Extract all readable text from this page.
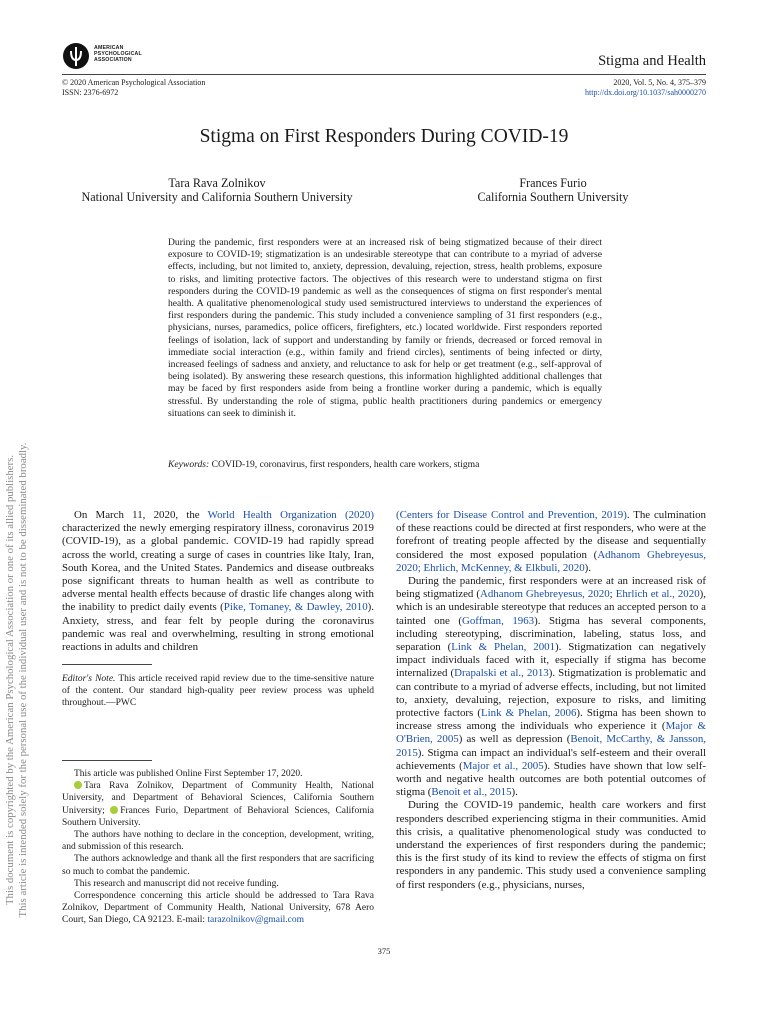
AMERICAN
PSYCHOLOGICAL
ASSOCIATION	Stigma and Health
© 2020 American Psychological Association
ISSN: 2376-6972
2020, Vol. 5, No. 4, 375–379
http://dx.doi.org/10.1037/sah0000270
Stigma on First Responders During COVID-19
Tara Rava Zolnikov
National University and California Southern University
Frances Furio
California Southern University
During the pandemic, first responders were at an increased risk of being stigmatized because of their direct exposure to COVID-19; stigmatization is an undesirable stereotype that can contribute to a myriad of adverse effects, including, but not limited to, anxiety, depression, devaluing, rejection, stress, health problems, exposure to risks, and limiting protective factors. The objectives of this research were to understand stigma on first responders during the COVID-19 pandemic as well as the consequences of stigma on first responder's mental health. A qualitative phenomenological study used semistructured interviews to understand the experiences of first responders during the pandemic. This study included a convenience sampling of 31 first responders (e.g., physicians, nurses, paramedics, police officers, firefighters, etc.) located worldwide. First responders reported feelings of isolation, lack of support and understanding by family or friends, decreased or forced removal in immediate social interaction (e.g., within family and friend circles), sentiments of being infected or dirty, increased feelings of sadness and anxiety, and reluctance to ask for help or get treatment (e.g., self-approval of being isolated). By answering these research questions, this information highlighted additional challenges that may be faced by first responders aside from being a frontline worker during a pandemic, which is equally stressful. By understanding the role of stigma, public health practitioners during pandemics or emergency situations can seek to diminish it.
Keywords: COVID-19, coronavirus, first responders, health care workers, stigma

On March 11, 2020, the World Health Organization (2020) characterized the newly emerging respiratory illness, coronavirus 2019 (COVID-19), as a global pandemic. COVID-19 had rapidly spread across the world, creating a surge of cases in countries like Italy, Iran, South Korea, and the United States. Pandemics and disease outbreaks pose significant threats to human health as well as contribute to adverse mental health effects because of drastic life changes along with the inability to predict daily events (Pike, Tomaney, & Dawley, 2010). Anxiety, stress, and fear felt by people during the coronavirus pandemic was real and overwhelming, resulting in strong emotional reactions in adults and children

Editor's Note. This article received rapid review due to the time-sensitive nature of the content. Our standard high-quality peer review process was upheld throughout.—PWC

This article was published Online First September 17, 2020.

Tara Rava Zolnikov, Department of Community Health, National University, and Department of Behavioral Sciences, California Southern University; Frances Furio, Department of Behavioral Sciences, California Southern University.

The authors have nothing to declare in the conception, development, writing, and submission of this research.

The authors acknowledge and thank all the first responders that are sacrificing so much to combat the pandemic.

This research and manuscript did not receive funding.

Correspondence concerning this article should be addressed to Tara Rava Zolnikov, Department of Community Health, National University, 678 Aero Court, San Diego, CA 92123. E-mail: tarazolnikov@gmail.com

(Centers for Disease Control and Prevention, 2019). The culmination of these reactions could be directed at first responders, who were at the forefront of treating people affected by the disease and sequentially considered the most exposed population (Adhanom Ghebreyesus, 2020; Ehrlich, McKenney, & Elkbuli, 2020).

During the pandemic, first responders were at an increased risk of being stigmatized (Adhanom Ghebreyesus, 2020; Ehrlich et al., 2020), which is an undesirable stereotype that reduces an accepted person to a tainted one (Goffman, 1963). Stigma has several components, including stereotyping, discrimination, labeling, status loss, and separation (Link & Phelan, 2001). Stigmatization can negatively impact individuals faced with it, especially if stigma has become internalized (Drapalski et al., 2013). Stigmatization is problematic and can contribute to a myriad of adverse effects, including, but not limited to, anxiety, devaluing, rejection, exposure to risks, and limiting protective factors (Link & Phelan, 2006). Stigma has been shown to increase stress among the individuals who experience it (Major & O'Brien, 2005) as well as depression (Benoit, McCarthy, & Jansson, 2015). Stigma can impact an individual's self-esteem and their overall achievements (Major et al., 2005). Studies have shown that low self-worth and negative health outcomes are both potential outcomes of stigma (Benoit et al., 2015).

During the COVID-19 pandemic, health care workers and first responders described experiencing stigma in their communities. Amid this crisis, a qualitative phenomenological study was conducted to understand the experiences of first responders during the pandemic; this is the first study of its kind to review the effects of stigma on first responders in any pandemic. This study used a convenience sampling of first responders (e.g., physicians, nurses,

375
This document is copyrighted by the American Psychological Association or one of its allied publishers. This article is intended solely for the personal use of the individual user and is not to be disseminated broadly.
